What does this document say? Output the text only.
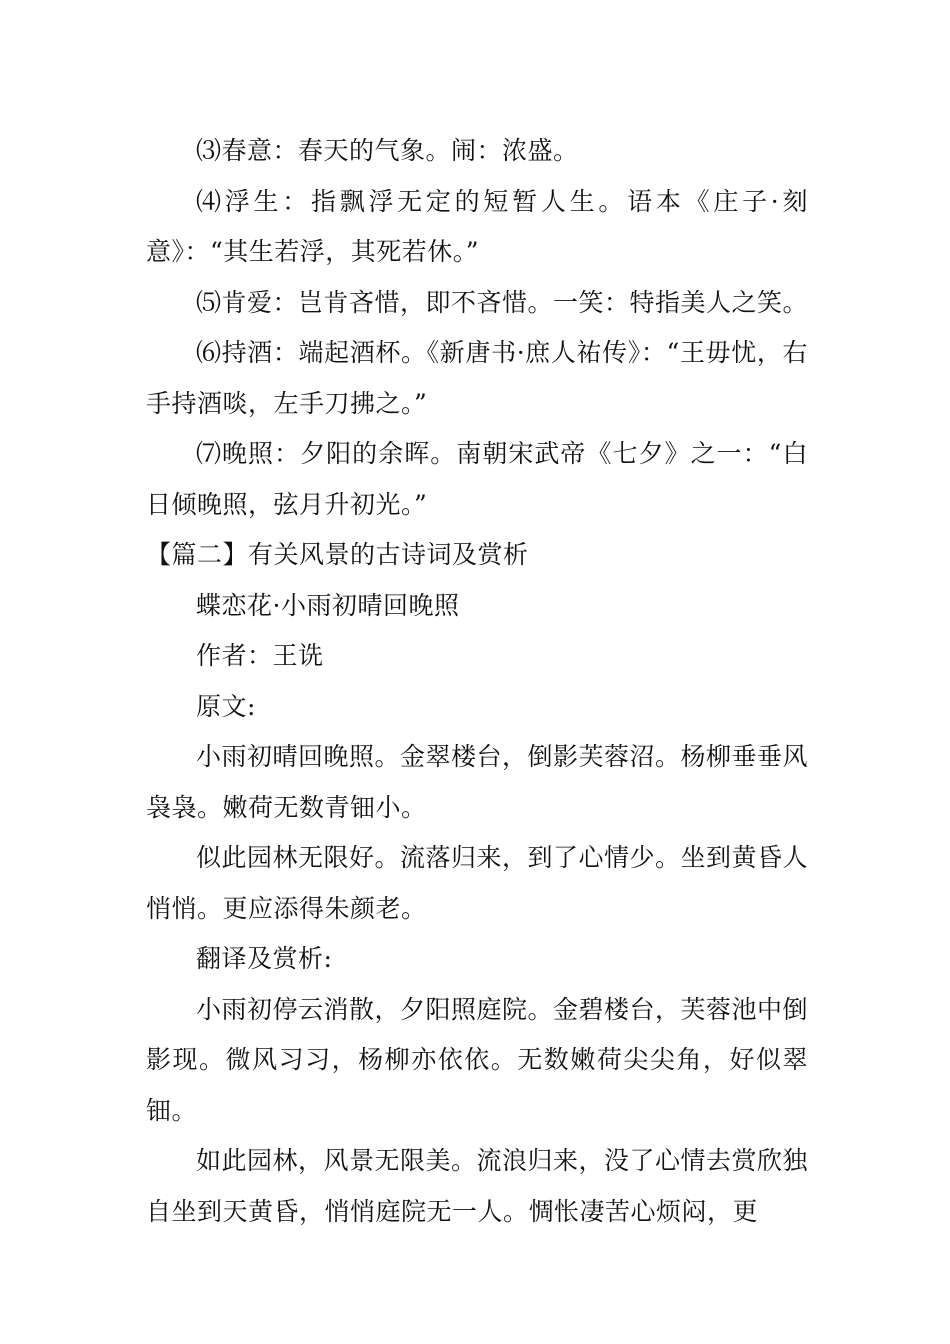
⑶春意：春天的气象。闹：浓盛。

⑷浮生：指飘浮无定的短暂人生。语本《庄子·刻意》：“其生若浮，其死若休。”

⑸肯爱：岂肯吝惜，即不吝惜。一笑：特指美人之笑。

⑹持酒：端起酒杯。《新唐书·庶人祐传》：“王毋忧，右手持酒啖，左手刀拂之。”

⑺晚照：夕阳的余晖。南朝宋武帝《七夕》之一：“白日倾晚照，弦月升初光。”

【篇二】有关风景的古诗词及赏析

蝶恋花·小雨初晴回晚照

作者：王诜

原文:

小雨初晴回晚照。金翠楼台，倒影芙蓉沼。杨柳垂垂风袅袅。嫩荷无数青钿小。

似此园林无限好。流落归来，到了心情少。坐到黄昏人悄悄。更应添得朱颜老。

翻译及赏析:

小雨初停云消散，夕阳照庭院。金碧楼台，芙蓉池中倒影现。微风习习，杨柳亦依依。无数嫩荷尖尖角，好似翠钿。

如此园林，风景无限美。流浪归来，没了心情去赏欣独自坐到天黄昏，悄悄庭院无一人。惆怅凄苦心烦闷，更
